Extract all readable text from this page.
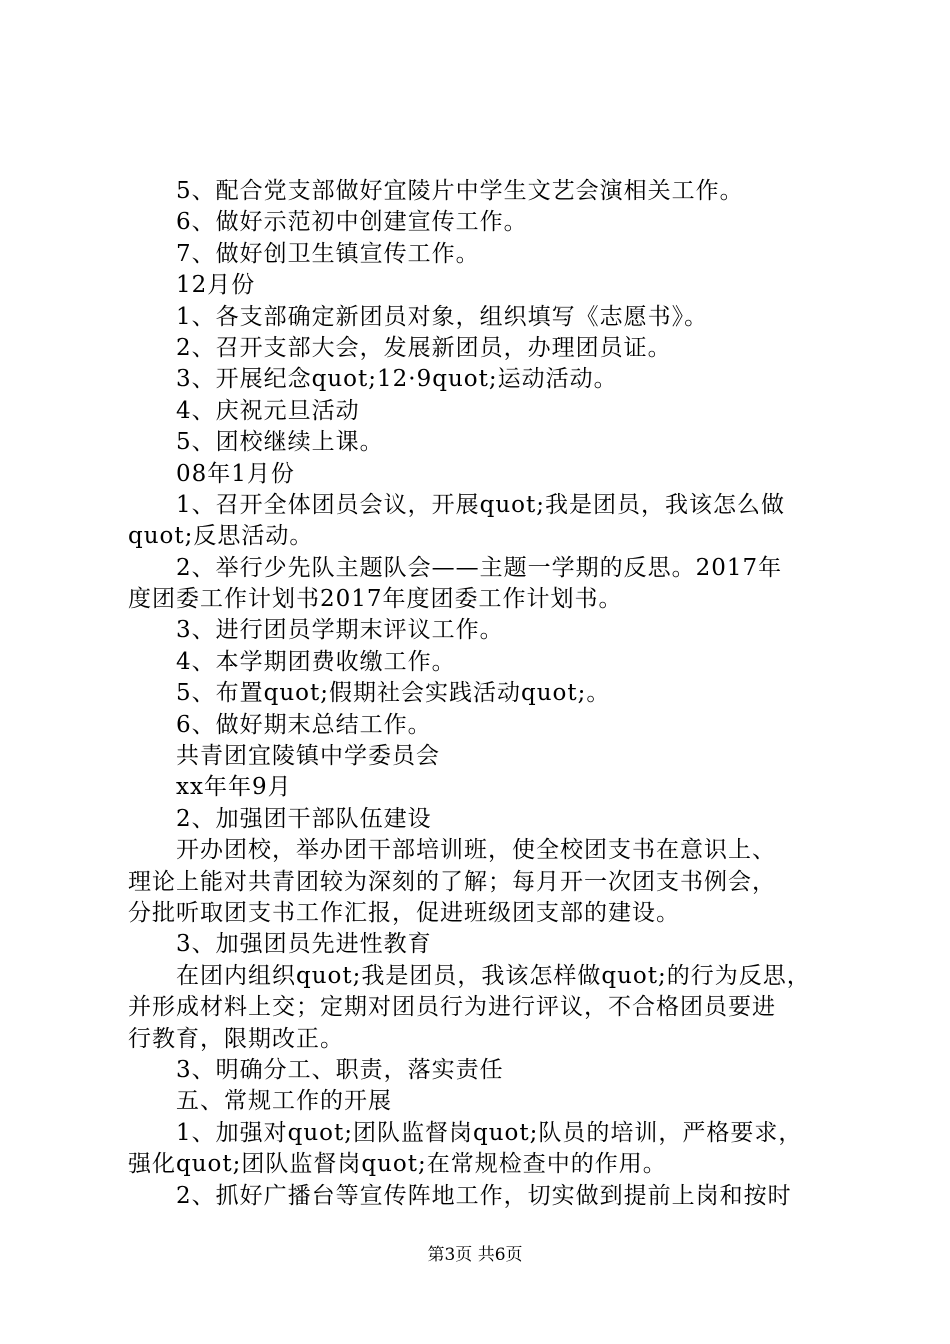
5、配合党支部做好宜陵片中学生文艺会演相关工作。
6、做好示范初中创建宣传工作。
7、做好创卫生镇宣传工作。
12月份
1、各支部确定新团员对象，组织填写《志愿书》。
2、召开支部大会，发展新团员，办理团员证。
3、开展纪念quot;12·9quot;运动活动。
4、庆祝元旦活动
5、团校继续上课。
08年1月份
1、召开全体团员会议，开展quot;我是团员，我该怎么做
quot;反思活动。
2、举行少先队主题队会——主题一学期的反思。2017年
度团委工作计划书2017年度团委工作计划书。
3、进行团员学期末评议工作。
4、本学期团费收缴工作。
5、布置quot;假期社会实践活动quot;。
6、做好期末总结工作。
共青团宜陵镇中学委员会
xx年年9月
2、加强团干部队伍建设
开办团校，举办团干部培训班，使全校团支书在意识上、
理论上能对共青团较为深刻的了解；每月开一次团支书例会，
分批听取团支书工作汇报，促进班级团支部的建设。
3、加强团员先进性教育
在团内组织quot;我是团员，我该怎样做quot;的行为反思，
并形成材料上交；定期对团员行为进行评议，不合格团员要进
行教育，限期改正。
3、明确分工、职责，落实责任
五、常规工作的开展
1、加强对quot;团队监督岗quot;队员的培训，严格要求，
强化quot;团队监督岗quot;在常规检查中的作用。
2、抓好广播台等宣传阵地工作，切实做到提前上岗和按时
第3页 共6页
